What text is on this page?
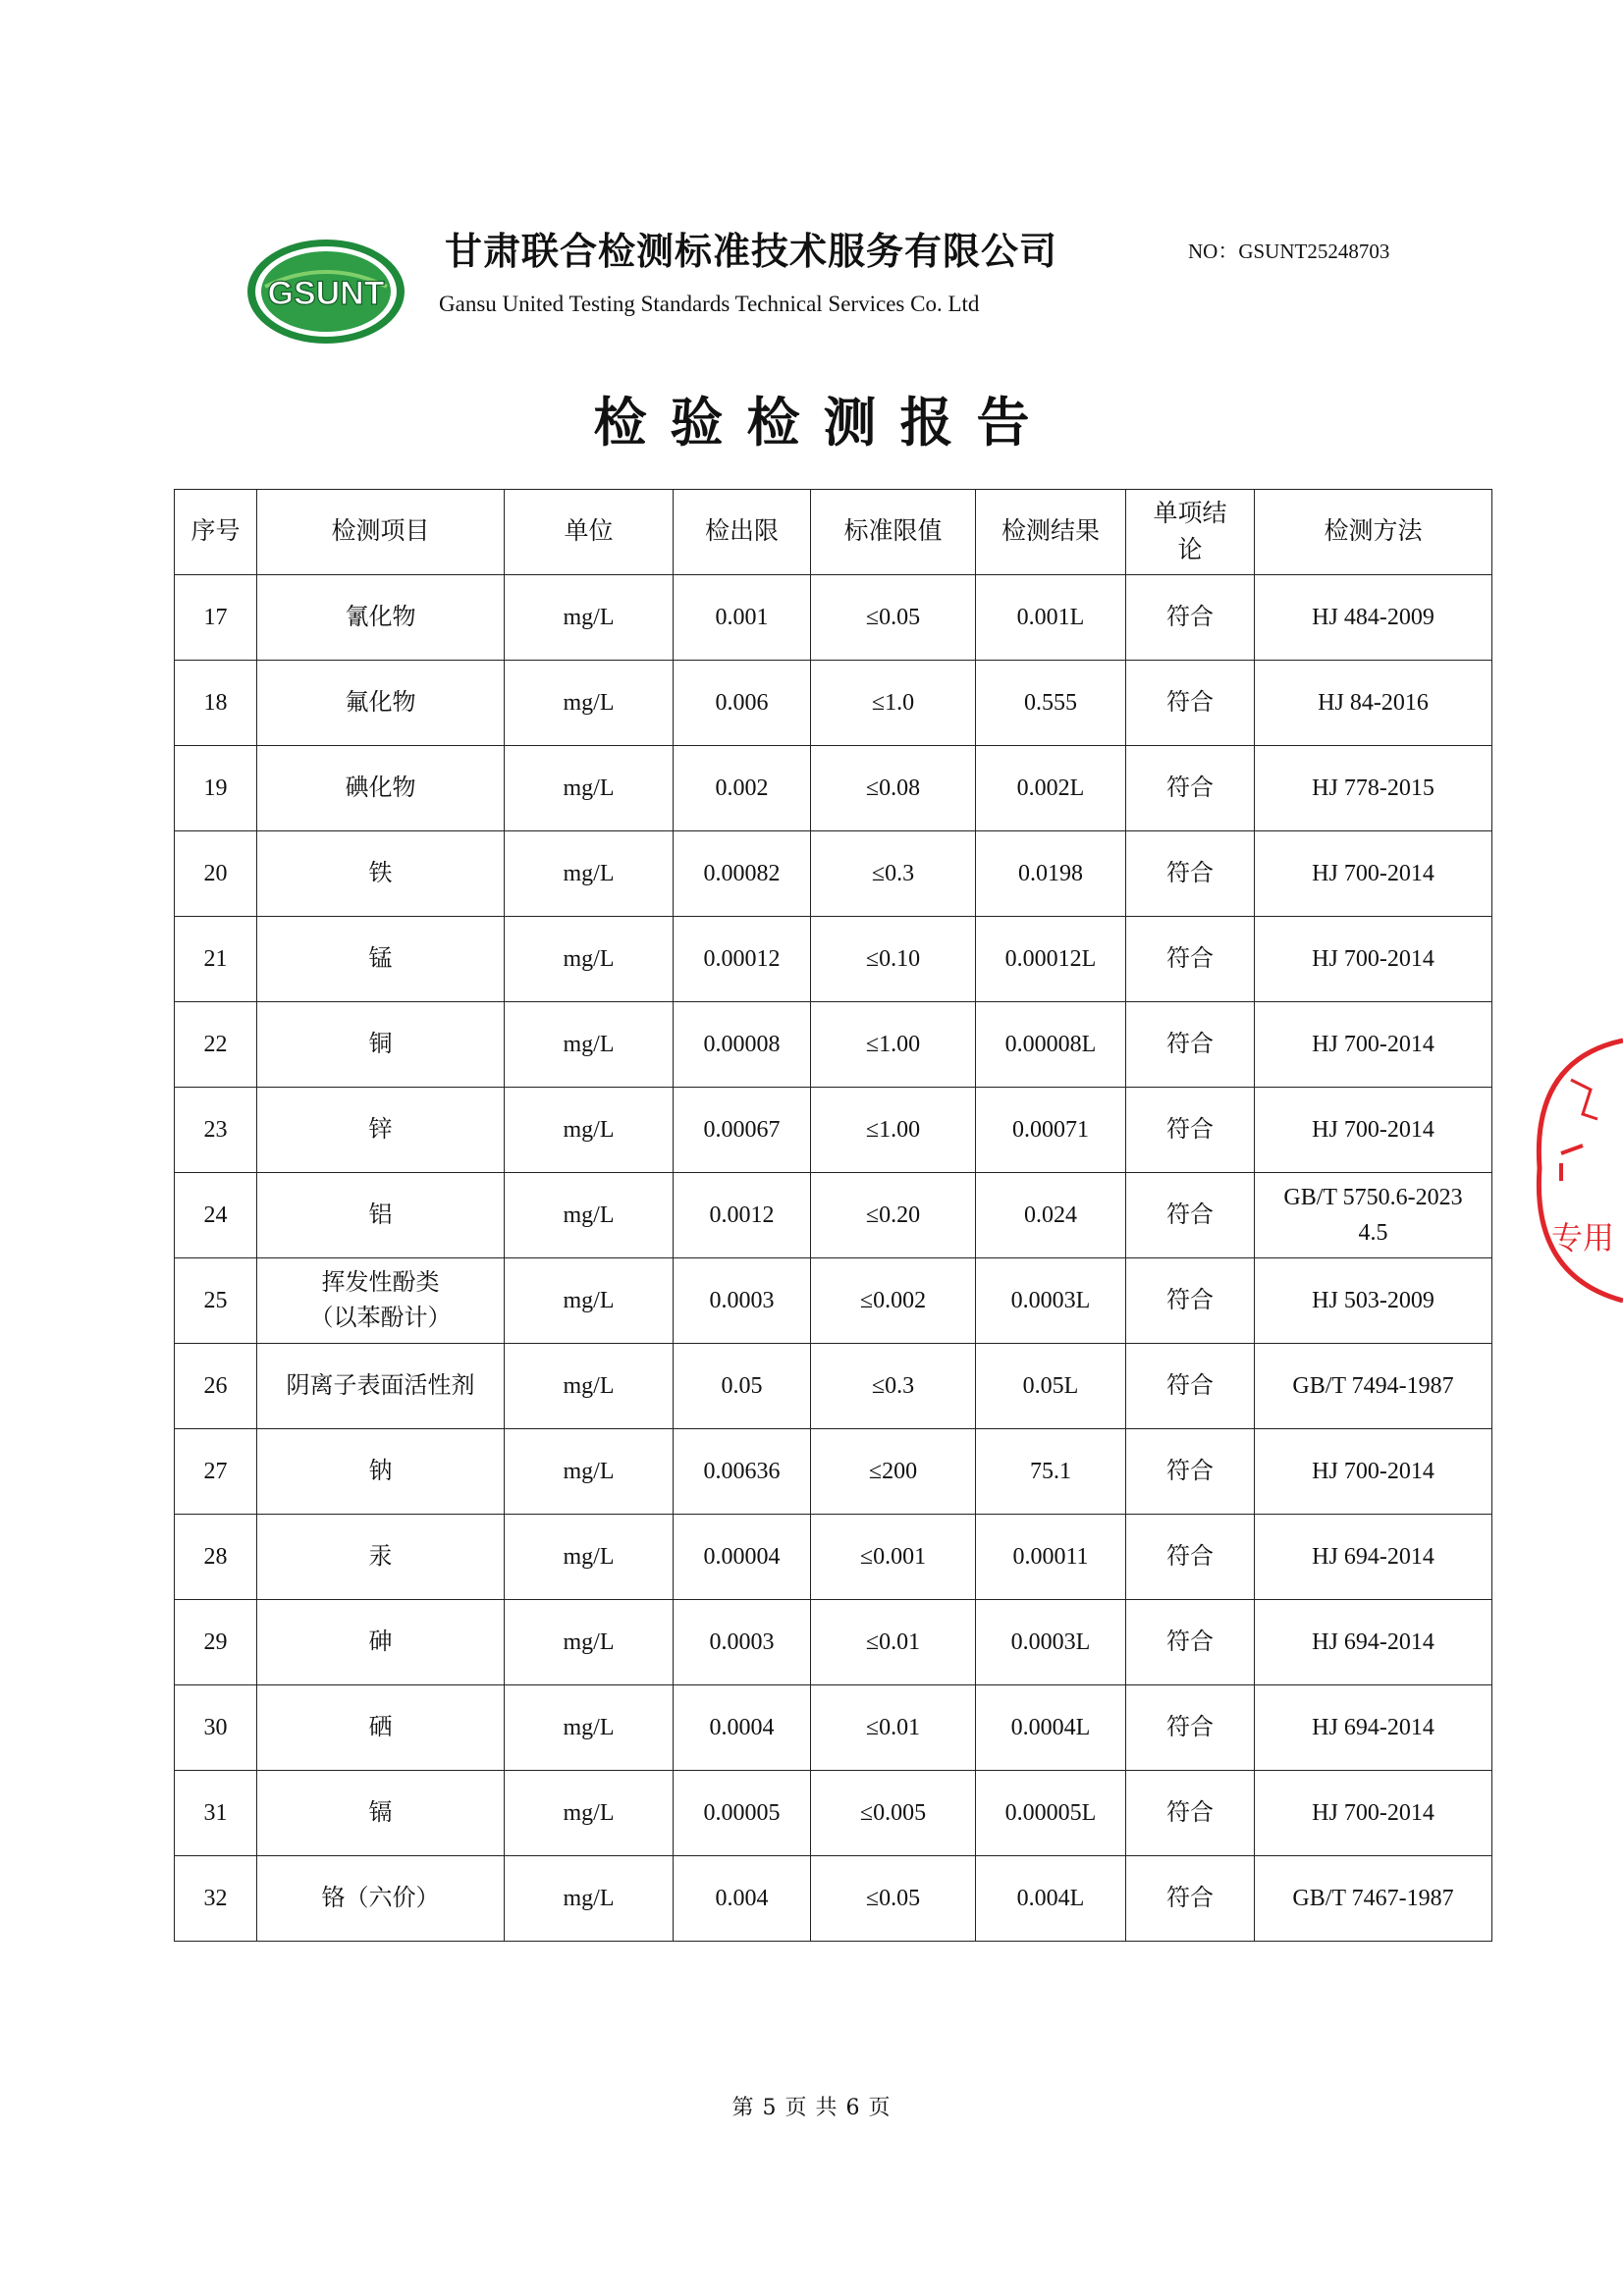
GSUNT
甘肃联合检测标准技术服务有限公司
Gansu United Testing Standards Technical Services Co. Ltd
NO：GSUNT25248703
检验检测报告
序号	检测项目	单位	检出限	标准限值	检测结果	单项结
论	检测方法
17	氰化物	mg/L	0.001	≤0.05	0.001L	符合	HJ 484-2009
18	氟化物	mg/L	0.006	≤1.0	0.555	符合	HJ 84-2016
19	碘化物	mg/L	0.002	≤0.08	0.002L	符合	HJ 778-2015
20	铁	mg/L	0.00082	≤0.3	0.0198	符合	HJ 700-2014
21	锰	mg/L	0.00012	≤0.10	0.00012L	符合	HJ 700-2014
22	铜	mg/L	0.00008	≤1.00	0.00008L	符合	HJ 700-2014
23	锌	mg/L	0.00067	≤1.00	0.00071	符合	HJ 700-2014
24	铝	mg/L	0.0012	≤0.20	0.024	符合	GB/T 5750.6-2023
4.5

25	挥发性酚类
（以苯酚计）	mg/L	0.0003	≤0.002	0.0003L	符合	HJ 503-2009
26	阴离子表面活性剂	mg/L	0.05	≤0.3	0.05L	符合	GB/T 7494-1987
27	钠	mg/L	0.00636	≤200	75.1	符合	HJ 700-2014
28	汞	mg/L	0.00004	≤0.001	0.00011	符合	HJ 694-2014
29	砷	mg/L	0.0003	≤0.01	0.0003L	符合	HJ 694-2014
30	硒	mg/L	0.0004	≤0.01	0.0004L	符合	HJ 694-2014
31	镉	mg/L	0.00005	≤0.005	0.00005L	符合	HJ 700-2014
32	铬（六价）	mg/L	0.004	≤0.05	0.004L	符合	GB/T 7467-1987
专用
第 5 页 共 6 页
